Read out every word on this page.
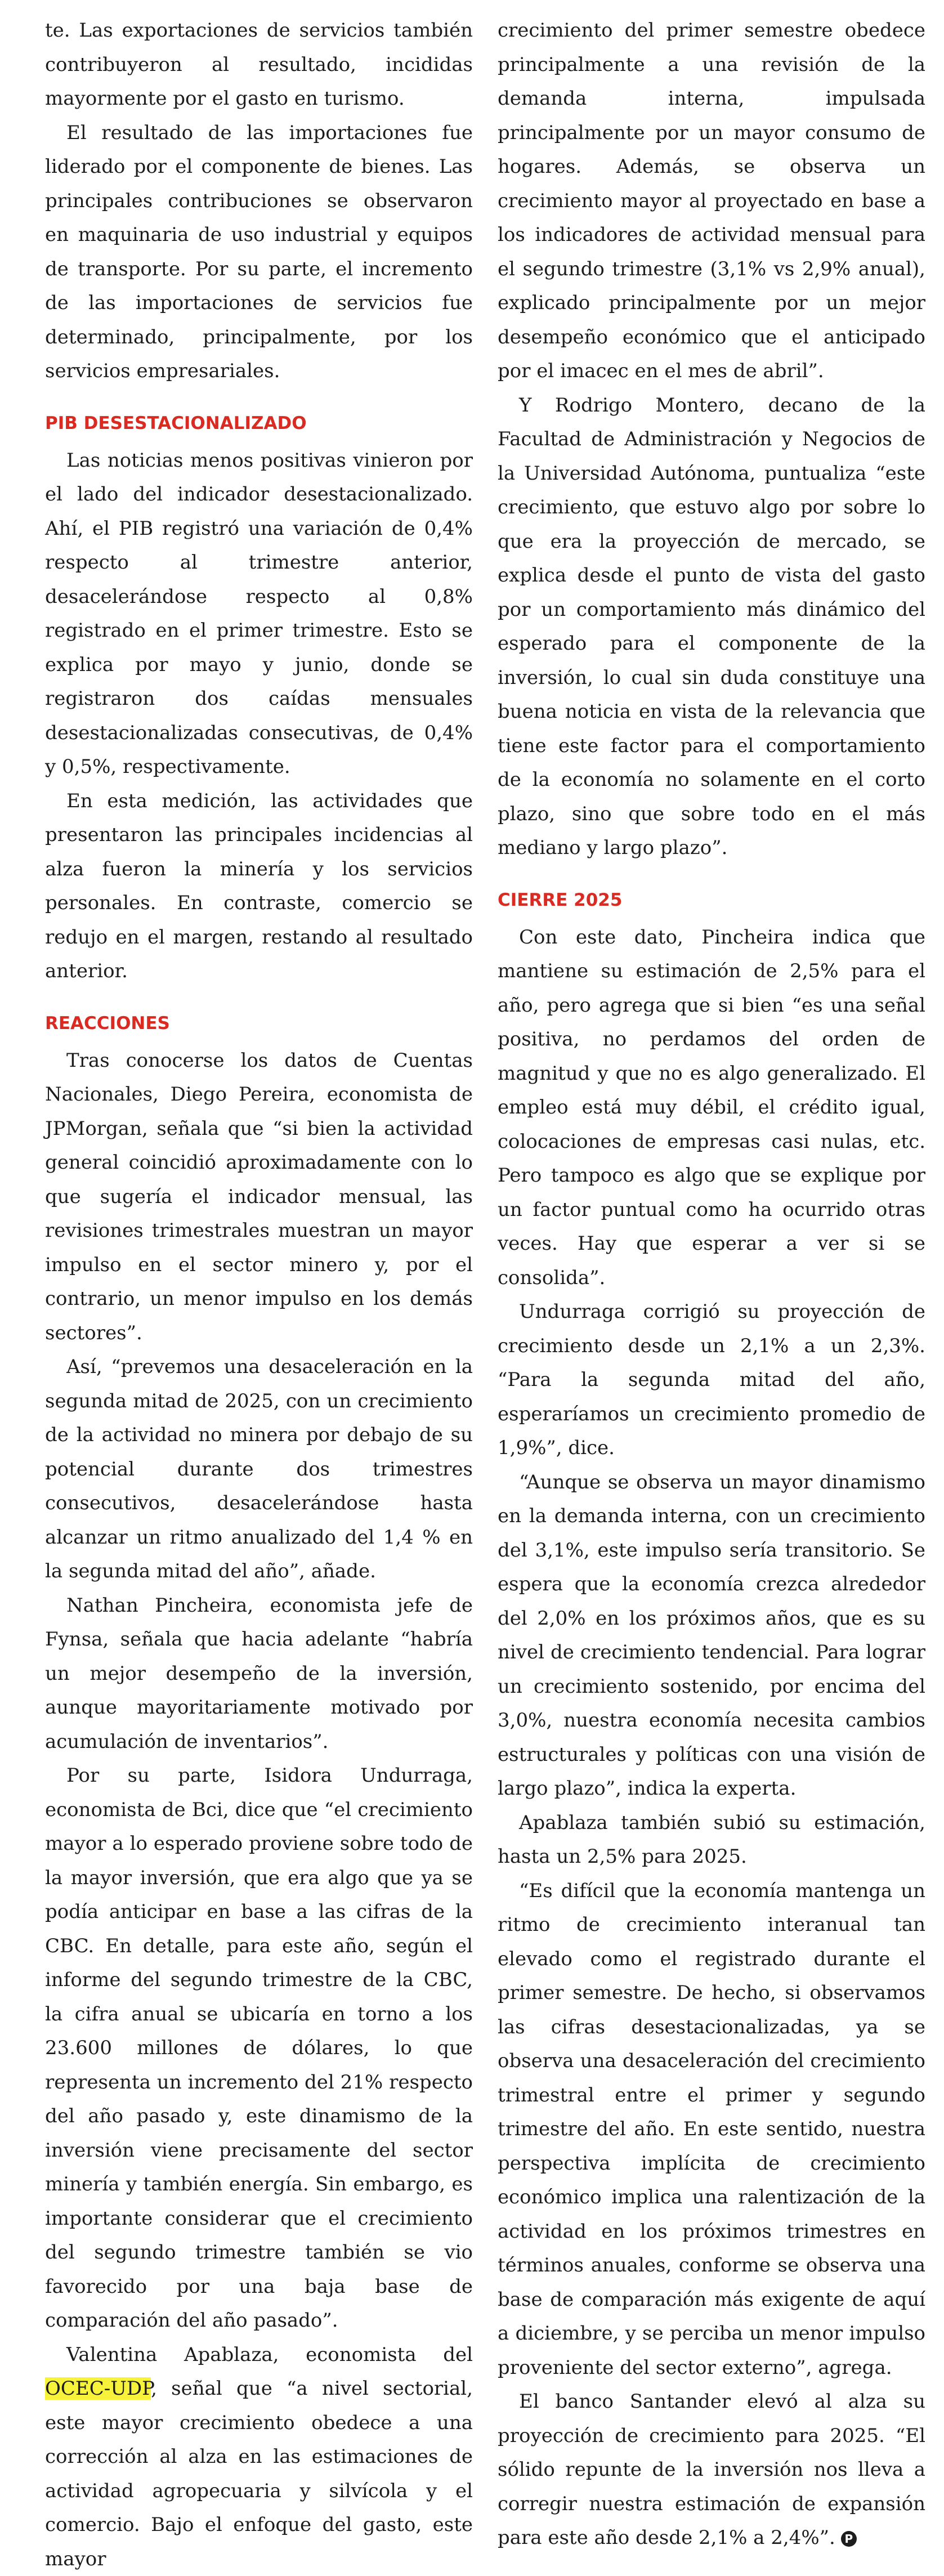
te. Las exportaciones de servicios también contribuyeron al resultado, incididas mayormente por el gasto en turismo.

El resultado de las importaciones fue liderado por el componente de bienes. Las principales contribuciones se observaron en maquinaria de uso industrial y equipos de transporte. Por su parte, el incremento de las importaciones de servicios fue determinado, principalmente, por los servicios empresariales.

PIB DESESTACIONALIZADO

Las noticias menos positivas vinieron por el lado del indicador desestacionalizado. Ahí, el PIB registró una variación de 0,4% respecto al trimestre anterior, desacelerándose respecto al 0,8% registrado en el primer trimestre. Esto se explica por mayo y junio, donde se registraron dos caídas mensuales desestacionalizadas consecutivas, de 0,4% y 0,5%, respectivamente.

En esta medición, las actividades que presentaron las principales incidencias al alza fueron la minería y los servicios personales. En contraste, comercio se redujo en el margen, restando al resultado anterior.

REACCIONES

Tras conocerse los datos de Cuentas Nacionales, Diego Pereira, economista de JPMorgan, señala que “si bien la actividad general coincidió aproximadamente con lo que sugería el indicador mensual, las revisiones trimestrales muestran un mayor impulso en el sector minero y, por el contrario, un menor impulso en los demás sectores”.

Así, “prevemos una desaceleración en la segunda mitad de 2025, con un crecimiento de la actividad no minera por debajo de su potencial durante dos trimestres consecutivos, desacelerándose hasta alcanzar un ritmo anualizado del 1,4 % en la segunda mitad del año”, añade.

Nathan Pincheira, economista jefe de Fynsa, señala que hacia adelante “habría un mejor desempeño de la inversión, aunque mayoritariamente motivado por acumulación de inventarios”.

Por su parte, Isidora Undurraga, economista de Bci, dice que “el crecimiento mayor a lo esperado proviene sobre todo de la mayor inversión, que era algo que ya se podía anticipar en base a las cifras de la CBC. En detalle, para este año, según el informe del segundo trimestre de la CBC, la cifra anual se ubicaría en torno a los 23.600 millones de dólares, lo que representa un incremento del 21% respecto del año pasado y, este dinamismo de la inversión viene precisamente del sector minería y también energía. Sin embargo, es importante considerar que el crecimiento del segundo trimestre también se vio favorecido por una baja base de comparación del año pasado”.

Valentina Apablaza, economista del OCEC-UDP, señal que “a nivel sectorial, este mayor crecimiento obedece a una corrección al alza en las estimaciones de actividad agropecuaria y silvícola y el comercio. Bajo el enfoque del gasto, este mayor

crecimiento del primer semestre obedece principalmente a una revisión de la demanda interna, impulsada principalmente por un mayor consumo de hogares. Además, se observa un crecimiento mayor al proyectado en base a los indicadores de actividad mensual para el segundo trimestre (3,1% vs 2,9% anual), explicado principalmente por un mejor desempeño económico que el anticipado por el imacec en el mes de abril”.

Y Rodrigo Montero, decano de la Facultad de Administración y Negocios de la Universidad Autónoma, puntualiza “este crecimiento, que estuvo algo por sobre lo que era la proyección de mercado, se explica desde el punto de vista del gasto por un comportamiento más dinámico del esperado para el componente de la inversión, lo cual sin duda constituye una buena noticia en vista de la relevancia que tiene este factor para el comportamiento de la economía no solamente en el corto plazo, sino que sobre todo en el más mediano y largo plazo”.

CIERRE 2025

Con este dato, Pincheira indica que mantiene su estimación de 2,5% para el año, pero agrega que si bien “es una señal positiva, no perdamos del orden de magnitud y que no es algo generalizado. El empleo está muy débil, el crédito igual, colocaciones de empresas casi nulas, etc. Pero tampoco es algo que se explique por un factor puntual como ha ocurrido otras veces. Hay que esperar a ver si se consolida”.

Undurraga corrigió su proyección de crecimiento desde un 2,1% a un 2,3%. “Para la segunda mitad del año, esperaríamos un crecimiento promedio de 1,9%”, dice.

“Aunque se observa un mayor dinamismo en la demanda interna, con un crecimiento del 3,1%, este impulso sería transitorio. Se espera que la economía crezca alrededor del 2,0% en los próximos años, que es su nivel de crecimiento tendencial. Para lograr un crecimiento sostenido, por encima del 3,0%, nuestra economía necesita cambios estructurales y políticas con una visión de largo plazo”, indica la experta.

Apablaza también subió su estimación, hasta un 2,5% para 2025.

“Es difícil que la economía mantenga un ritmo de crecimiento interanual tan elevado como el registrado durante el primer semestre. De hecho, si observamos las cifras desestacionalizadas, ya se observa una desaceleración del crecimiento trimestral entre el primer y segundo trimestre del año. En este sentido, nuestra perspectiva implícita de crecimiento económico implica una ralentización de la actividad en los próximos trimestres en términos anuales, conforme se observa una base de comparación más exigente de aquí a diciembre, y se perciba un menor impulso proveniente del sector externo”, agrega.

El banco Santander elevó al alza su proyección de crecimiento para 2025. “El sólido repunte de la inversión nos lleva a corregir nuestra estimación de expansión para este año desde 2,1% a 2,4%”. P
